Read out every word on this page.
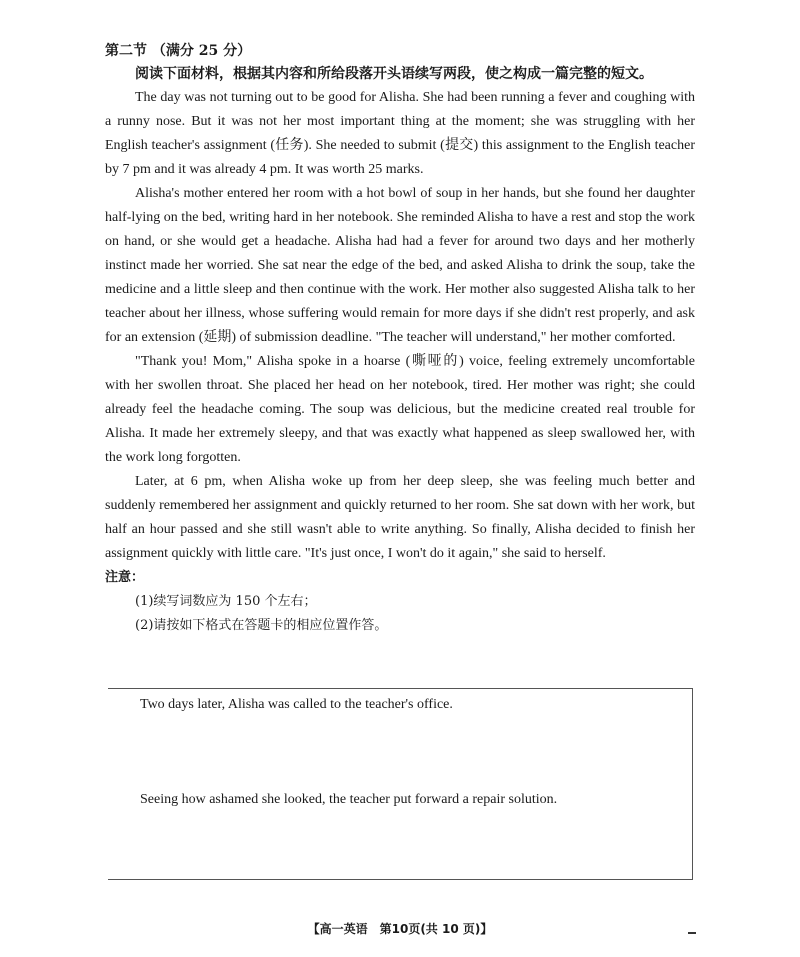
第二节 （满分 25 分）
阅读下面材料，根据其内容和所给段落开头语续写两段，使之构成一篇完整的短文。

The day was not turning out to be good for Alisha. She had been running a fever and coughing with a runny nose. But it was not her most important thing at the moment; she was struggling with her English teacher's assignment (任务). She needed to submit (提交) this assignment to the English teacher by 7 pm and it was already 4 pm. It was worth 25 marks.

Alisha's mother entered her room with a hot bowl of soup in her hands, but she found her daughter half-lying on the bed, writing hard in her notebook. She reminded Alisha to have a rest and stop the work on hand, or she would get a headache. Alisha had had a fever for around two days and her motherly instinct made her worried. She sat near the edge of the bed, and asked Alisha to drink the soup, take the medicine and a little sleep and then continue with the work. Her mother also suggested Alisha talk to her teacher about her illness, whose suffering would remain for more days if she didn't rest properly, and ask for an extension (延期) of submission deadline. "The teacher will understand," her mother comforted.

"Thank you! Mom," Alisha spoke in a hoarse (嘶哑的) voice, feeling extremely uncomfortable with her swollen throat. She placed her head on her notebook, tired. Her mother was right; she could already feel the headache coming. The soup was delicious, but the medicine created real trouble for Alisha. It made her extremely sleepy, and that was exactly what happened as sleep swallowed her, with the work long forgotten.

Later, at 6 pm, when Alisha woke up from her deep sleep, she was feeling much better and suddenly remembered her assignment and quickly returned to her room. She sat down with her work, but half an hour passed and she still wasn't able to write anything. So finally, Alisha decided to finish her assignment quickly with little care. "It's just once, I won't do it again," she said to herself.

注意：
(1)续写词数应为 150 个左右；
(2)请按如下格式在答题卡的相应位置作答。
Two days later, Alisha was called to the teacher's office.
Seeing how ashamed she looked, the teacher put forward a repair solution.
【高一英语　第10页(共 10 页)】
